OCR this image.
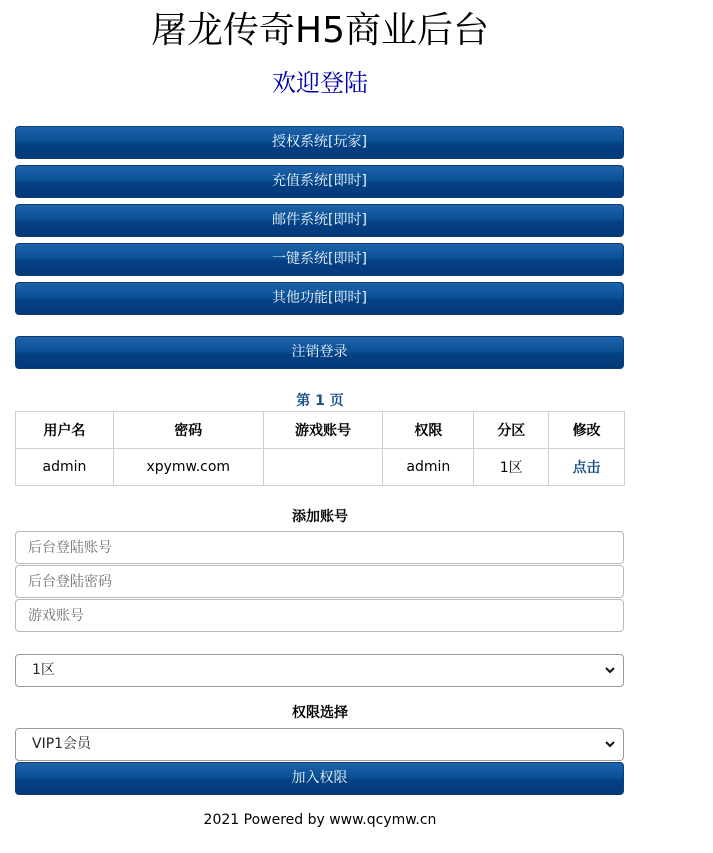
屠龙传奇H5商业后台
欢迎登陆
授权系统[玩家]
充值系统[即时]
邮件系统[即时]
一键系统[即时]
其他功能[即时]
注销登录
第 1 页
用户名	密码	游戏账号	权限	分区	修改
admin	xpymw.com		admin	1区	点击
添加账号
后台登陆账号
后台登陆密码
游戏账号
1区
权限选择
VIP1会员
加入权限
2021 Powered by www.qcymw.cn
